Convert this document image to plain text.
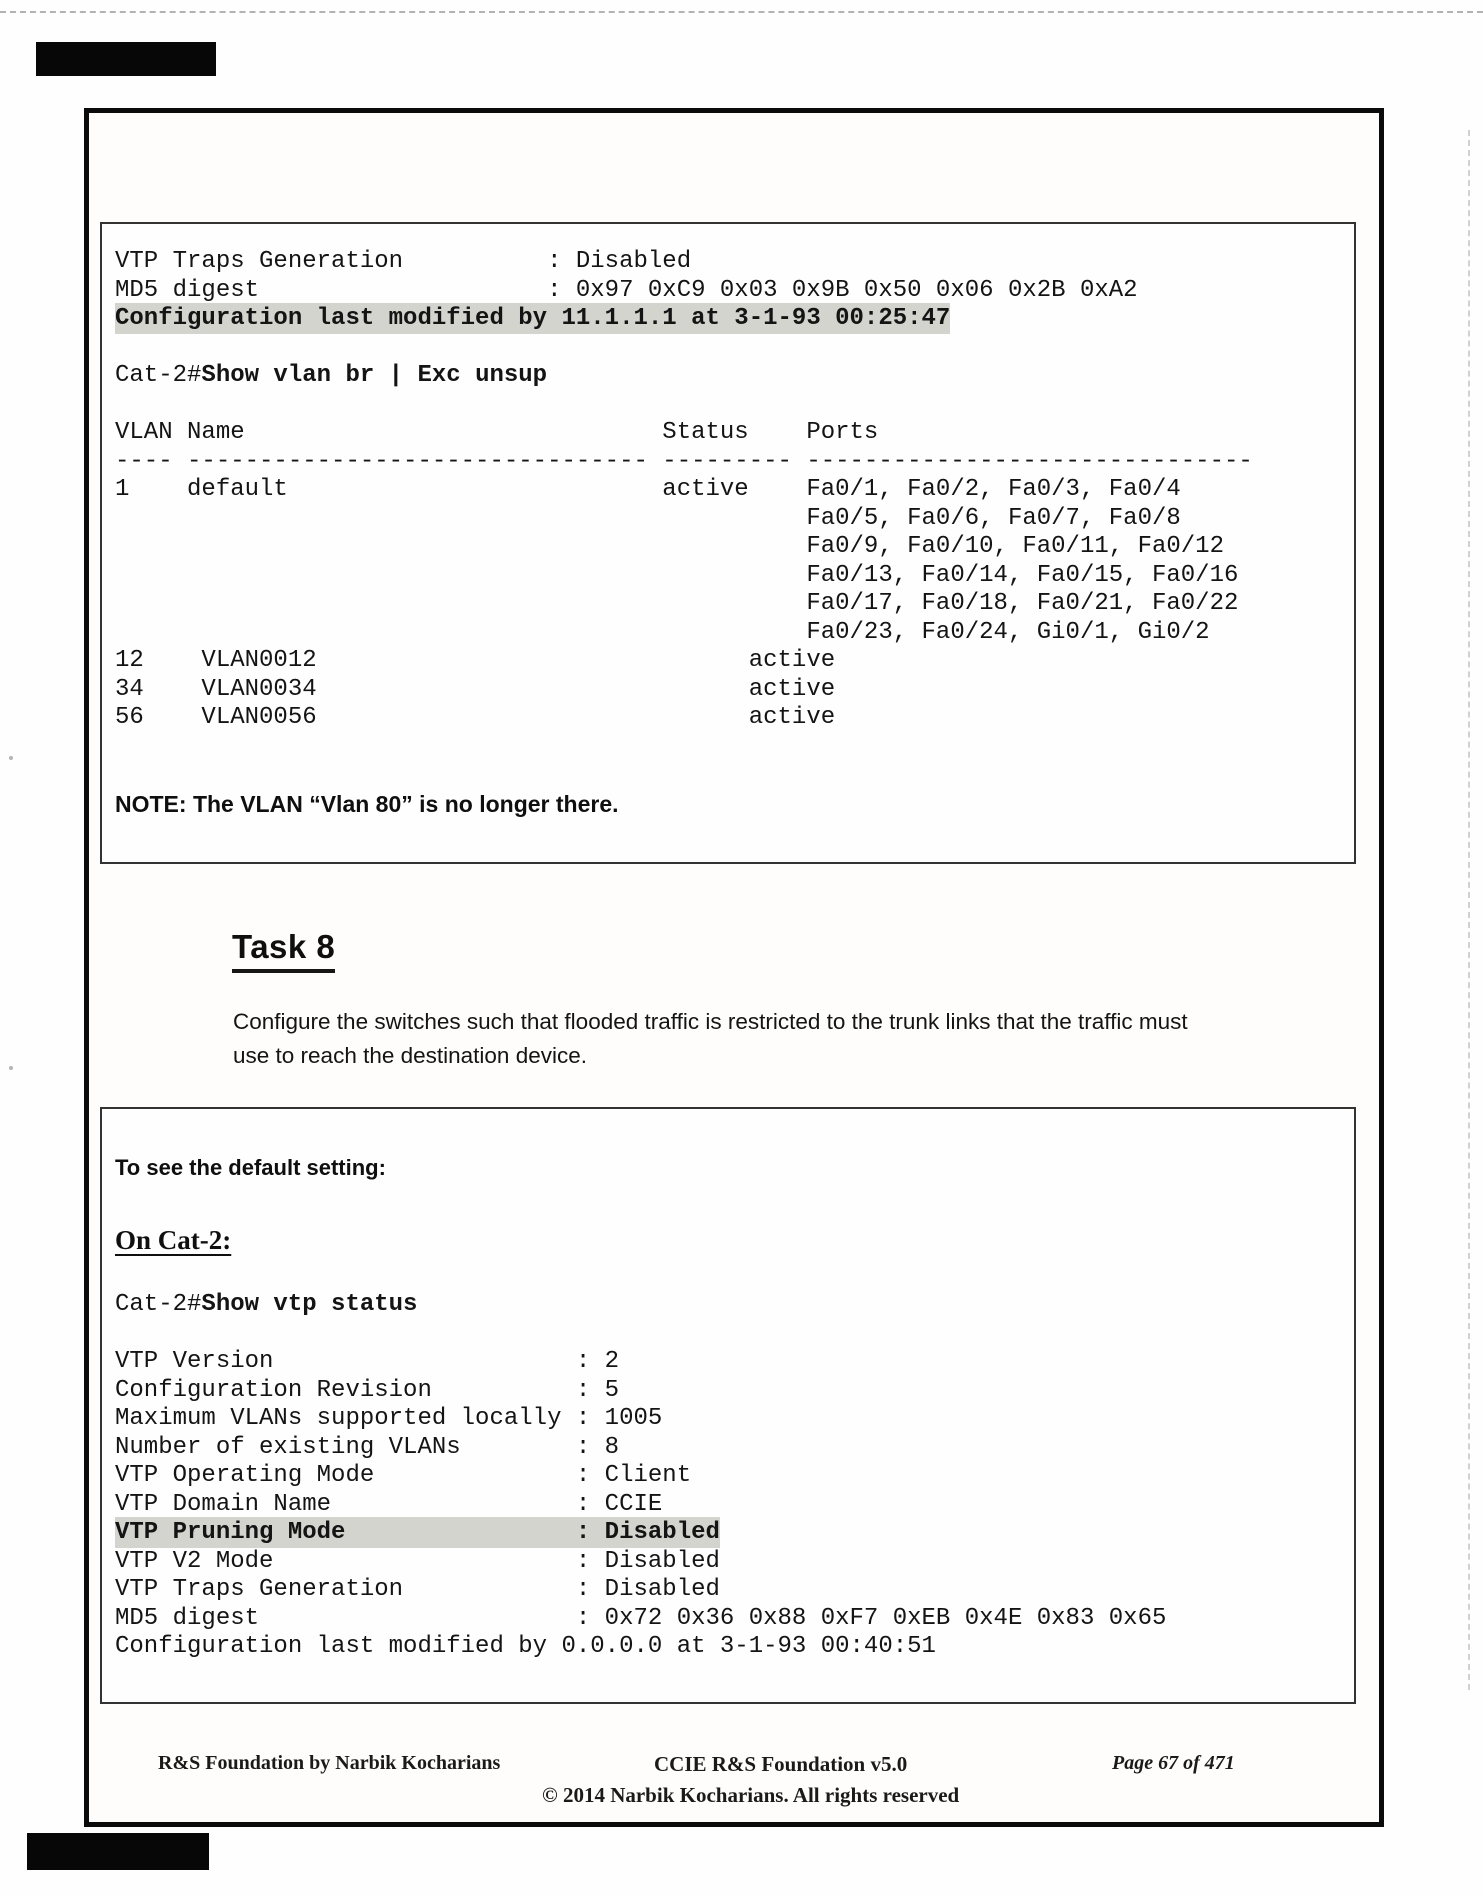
VTP Traps Generation          : Disabled
MD5 digest                    : 0x97 0xC9 0x03 0x9B 0x50 0x06 0x2B 0xA2
Configuration last modified by 11.1.1.1 at 3-1-93 00:25:47

Cat-2#Show vlan br | Exc unsup

VLAN Name                             Status    Ports
---- -------------------------------- --------- -------------------------------
1    default                          active    Fa0/1, Fa0/2, Fa0/3, Fa0/4
Fa0/5, Fa0/6, Fa0/7, Fa0/8
Fa0/9, Fa0/10, Fa0/11, Fa0/12
Fa0/13, Fa0/14, Fa0/15, Fa0/16
Fa0/17, Fa0/18, Fa0/21, Fa0/22
Fa0/23, Fa0/24, Gi0/1, Gi0/2
12    VLAN0012                              active
34    VLAN0034                              active
56    VLAN0056                              active
NOTE: The VLAN “Vlan 80” is no longer there.
Task 8
Configure the switches such that flooded traffic is restricted to the trunk links that the traffic must use to reach the destination device.
To see the default setting:
On Cat-2:
Cat-2#Show vtp status

VTP Version                     : 2
Configuration Revision          : 5
Maximum VLANs supported locally : 1005
Number of existing VLANs        : 8
VTP Operating Mode              : Client
VTP Domain Name                 : CCIE
VTP Pruning Mode                : Disabled
VTP V2 Mode                     : Disabled
VTP Traps Generation            : Disabled
MD5 digest                      : 0x72 0x36 0x88 0xF7 0xEB 0x4E 0x83 0x65
Configuration last modified by 0.0.0.0 at 3-1-93 00:40:51
R&S Foundation by Narbik Kocharians	CCIE R&S Foundation v5.0
© 2014 Narbik Kocharians. All rights reserved
Page 67 of 471
